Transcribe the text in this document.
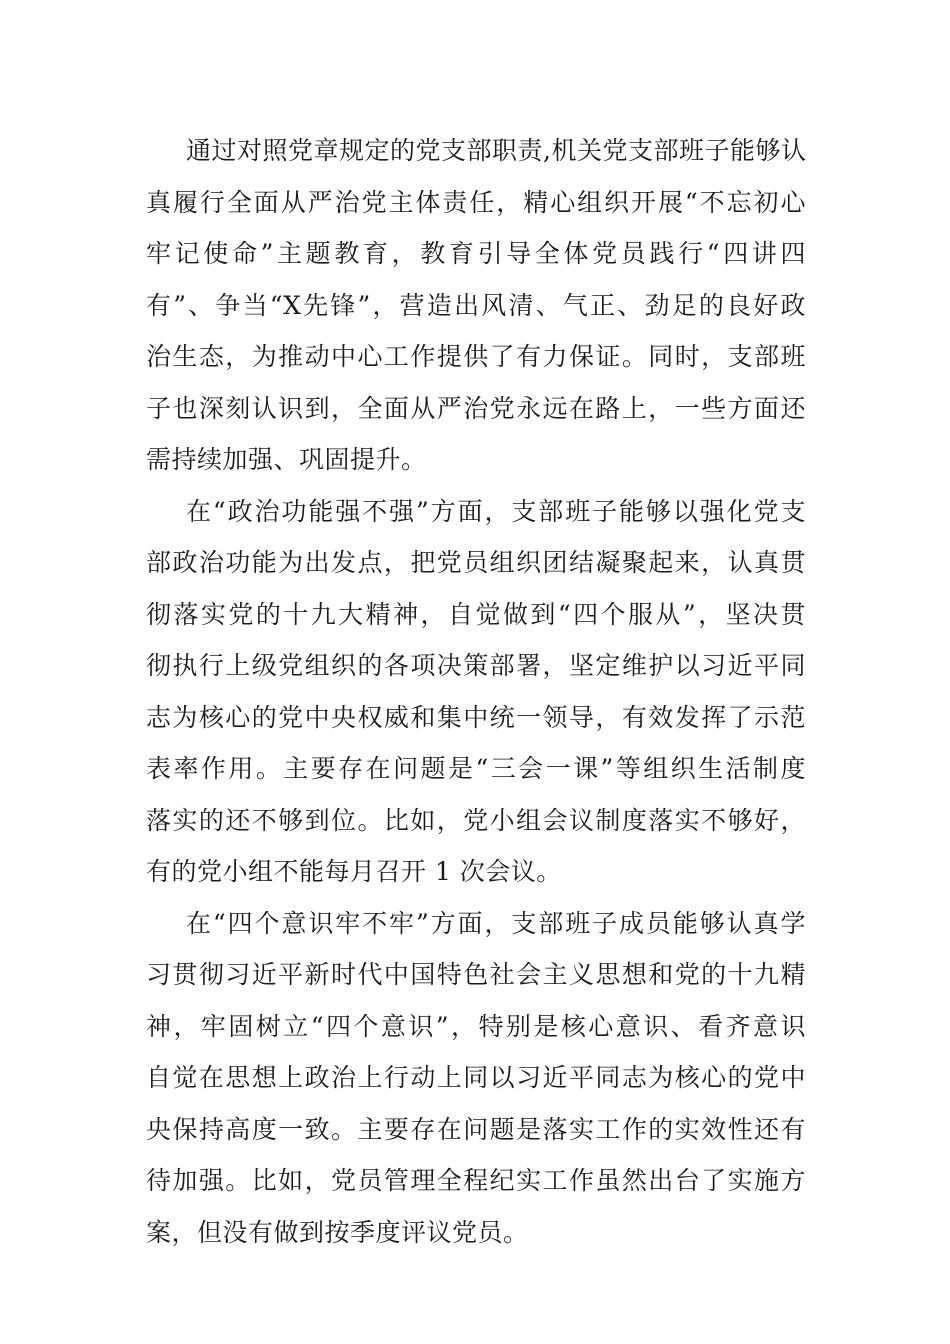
通过对照党章规定的党支部职责,机关党支部班子能够认
真履行全面从严治党主体责任，精心组织开展“不忘初心
牢记使命”主题教育，教育引导全体党员践行“四讲四
有”、争当“X先锋”，营造出风清、气正、劲足的良好政
治生态，为推动中心工作提供了有力保证。同时，支部班
子也深刻认识到，全面从严治党永远在路上，一些方面还
需持续加强、巩固提升。
在“政治功能强不强”方面，支部班子能够以强化党支
部政治功能为出发点，把党员组织团结凝聚起来，认真贯
彻落实党的十九大精神，自觉做到“四个服从”，坚决贯
彻执行上级党组织的各项决策部署，坚定维护以习近平同
志为核心的党中央权威和集中统一领导，有效发挥了示范
表率作用。主要存在问题是“三会一课”等组织生活制度
落实的还不够到位。比如，党小组会议制度落实不够好，
有的党小组不能每月召开 1 次会议。
在“四个意识牢不牢”方面，支部班子成员能够认真学
习贯彻习近平新时代中国特色社会主义思想和党的十九精
神，牢固树立“四个意识”，特别是核心意识、看齐意识
自觉在思想上政治上行动上同以习近平同志为核心的党中
央保持高度一致。主要存在问题是落实工作的实效性还有
待加强。比如，党员管理全程纪实工作虽然出台了实施方
案，但没有做到按季度评议党员。
